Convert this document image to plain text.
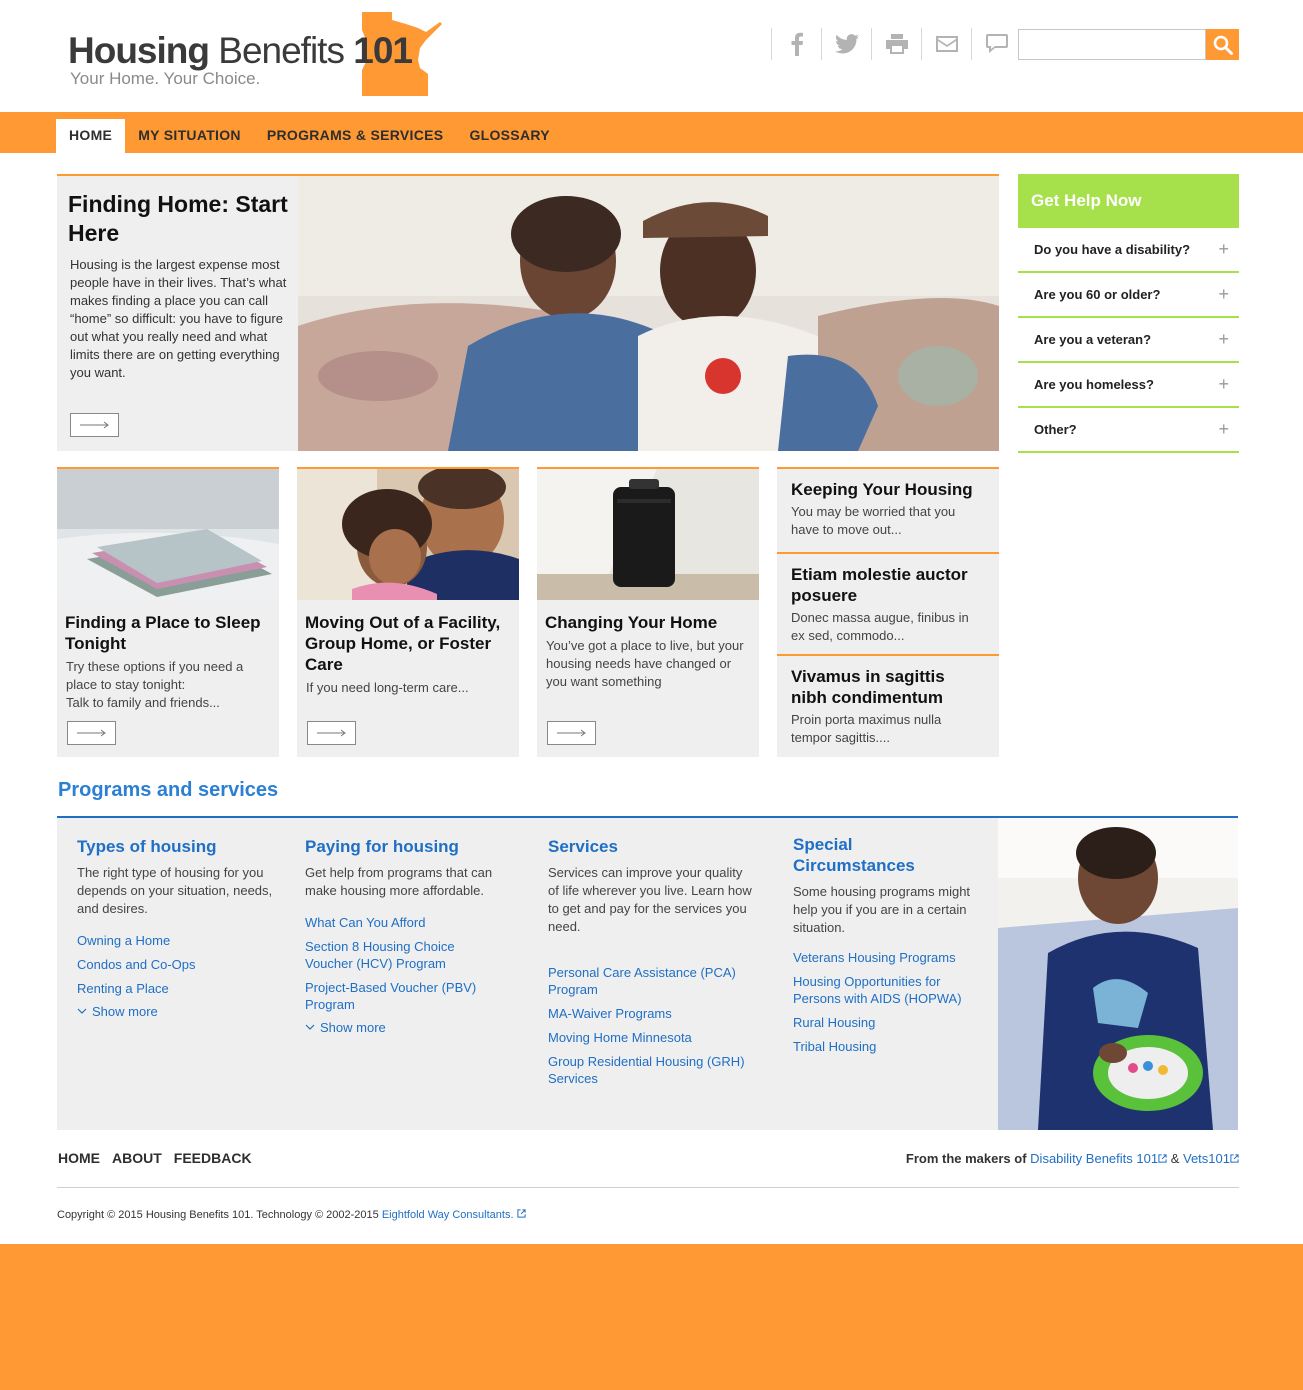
Housing Benefits 101
Your Home. Your Choice.
HOME	MY SITUATION	PROGRAMS & SERVICES	GLOSSARY
Finding Home: Start Here
Housing is the largest expense most people have in their lives. That’s what makes finding a place you can call “home” so difficult: you have to figure out what you really need and what limits there are on getting everything you want.
Get Help Now
Do you have a disability? +
Are you 60 or older?	+
Are you a veteran?	+
Are you homeless?	+
Other?	+
Finding a Place to Sleep Tonight
Try these options if you need a place to stay tonight:
Talk to family and friends...
Moving Out of a Facility, Group Home, or Foster Care
If you need long-term care...
Changing Your Home
You’ve got a place to live, but your housing needs have changed or you want something
Keeping Your Housing
You may be worried that you have to move out...
Etiam molestie auctor posuere
Donec massa augue, finibus in ex sed, commodo...
Vivamus in sagittis nibh condimentum
Proin porta maximus nulla tempor sagittis....
Programs and services
Types of housing
The right type of housing for you depends on your situation, needs, and desires.
Owning a Home
Condos and Co-Ops
Renting a Place
Show more
Paying for housing
Get help from programs that can make housing more affordable.
What Can You Afford
Section 8 Housing Choice Voucher (HCV) Program
Project-Based Voucher (PBV) Program
Show more
Services
Services can improve your quality of life wherever you live. Learn how to get and pay for the services you need.
Personal Care Assistance (PCA) Program
MA-Waiver Programs
Moving Home Minnesota
Group Residential Housing (GRH) Services
Special Circumstances
Some housing programs might help you if you are in a certain situation.
Veterans Housing Programs
Housing Opportunities for Persons with AIDS (HOPWA)
Rural Housing
Tribal Housing
HOME ABOUT FEEDBACK	From the makers of Disability Benefits 101 & Vets101
Copyright © 2015 Housing Benefits 101. Technology © 2002-2015 Eightfold Way Consultants.
